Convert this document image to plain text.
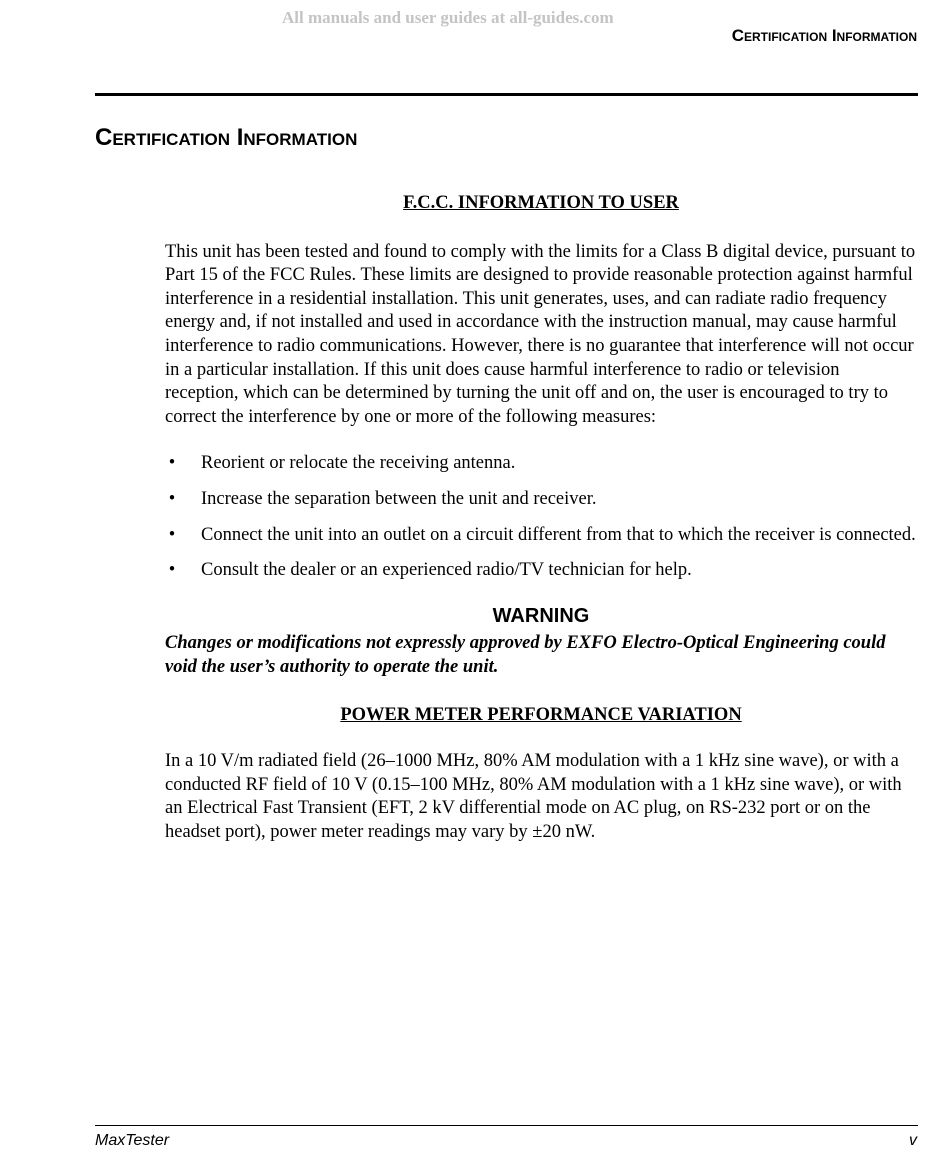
All manuals and user guides at all-guides.com
Certification Information
Certification Information
F.C.C. INFORMATION TO USER

This unit has been tested and found to comply with the limits for a Class B digital device, pursuant to Part 15 of the FCC Rules. These limits are designed to provide reasonable protection against harmful interference in a residential installation. This unit generates, uses, and can radiate radio frequency energy and, if not installed and used in accordance with the instruction manual, may cause harmful interference to radio communications. However, there is no guarantee that interference will not occur in a particular installation. If this unit does cause harmful interference to radio or television reception, which can be determined by turning the unit off and on, the user is encouraged to try to correct the interference by one or more of the following measures:

• Reorient or relocate the receiving antenna.
• Increase the separation between the unit and receiver.
• Connect the unit into an outlet on a circuit different from that to which the receiver is connected.
• Consult the dealer or an experienced radio/TV technician for help.
WARNING

Changes or modifications not expressly approved by EXFO Electro-Optical Engineering could void the user’s authority to operate the unit.

POWER METER PERFORMANCE VARIATION

In a 10 V/m radiated field (26–1000 MHz, 80% AM modulation with a 1 kHz sine wave), or with a conducted RF field of 10 V (0.15–100 MHz, 80% AM modulation with a 1 kHz sine wave), or with an Electrical Fast Transient (EFT, 2 kV differential mode on AC plug, on RS-232 port or on the headset port), power meter readings may vary by ±20 nW.

MaxTester	v
